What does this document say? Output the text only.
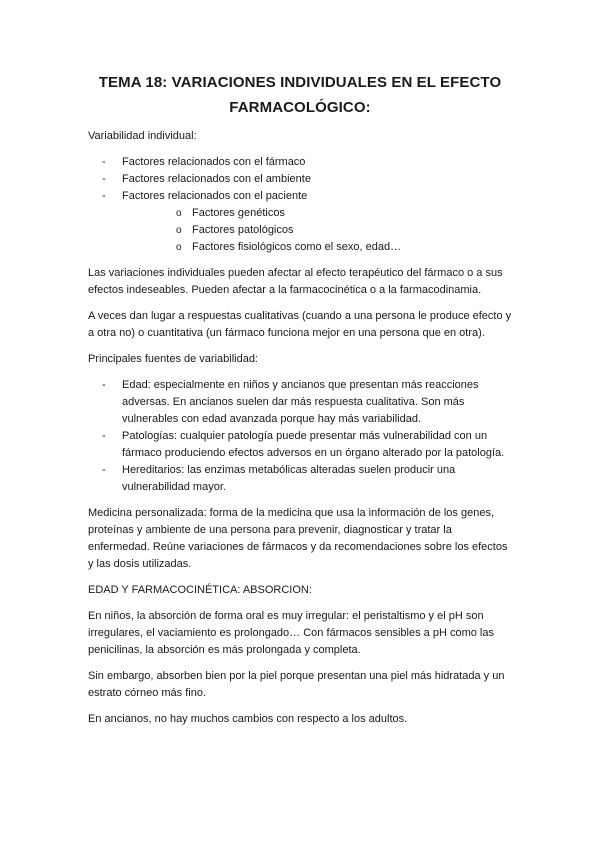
TEMA 18: VARIACIONES INDIVIDUALES EN EL EFECTO
FARMACOLÓGICO:

Variabilidad individual:

- Factores relacionados con el fármaco
- Factores relacionados con el ambiente
- Factores relacionados con el paciente
o Factores genéticos
o Factores patológicos
o Factores fisiológicos como el sexo, edad…

Las variaciones individuales pueden afectar al efecto terapéutico del fármaco o a sus efectos indeseables. Pueden afectar a la farmacocinética o a la farmacodinamia.

A veces dan lugar a respuestas cualitativas (cuando a una persona le produce efecto y a otra no) o cuantitativa (un fármaco funciona mejor en una persona que en otra).

Principales fuentes de variabilidad:

- Edad: especialmente en niños y ancianos que presentan más reacciones adversas. En ancianos suelen dar más respuesta cualitativa. Son más vulnerables con edad avanzada porque hay más variabilidad.
- Patologías: cualquier patología puede presentar más vulnerabilidad con un fármaco produciendo efectos adversos en un órgano alterado por la patología.
- Hereditarios: las enzimas metabólicas alteradas suelen producir una vulnerabilidad mayor.

Medicina personalizada: forma de la medicina que usa la información de los genes, proteínas y ambiente de una persona para prevenir, diagnosticar y tratar la enfermedad. Reúne variaciones de fármacos y da recomendaciones sobre los efectos y las dosis utilizadas.

EDAD Y FARMACOCINÉTICA: ABSORCION:

En niños, la absorción de forma oral es muy irregular: el peristaltismo y el pH son irregulares, el vaciamiento es prolongado… Con fármacos sensibles a pH como las penicilinas, la absorción es más prolongada y completa.

Sin embargo, absorben bien por la piel porque presentan una piel más hidratada y un estrato córneo más fino.

En ancianos, no hay muchos cambios con respecto a los adultos.
